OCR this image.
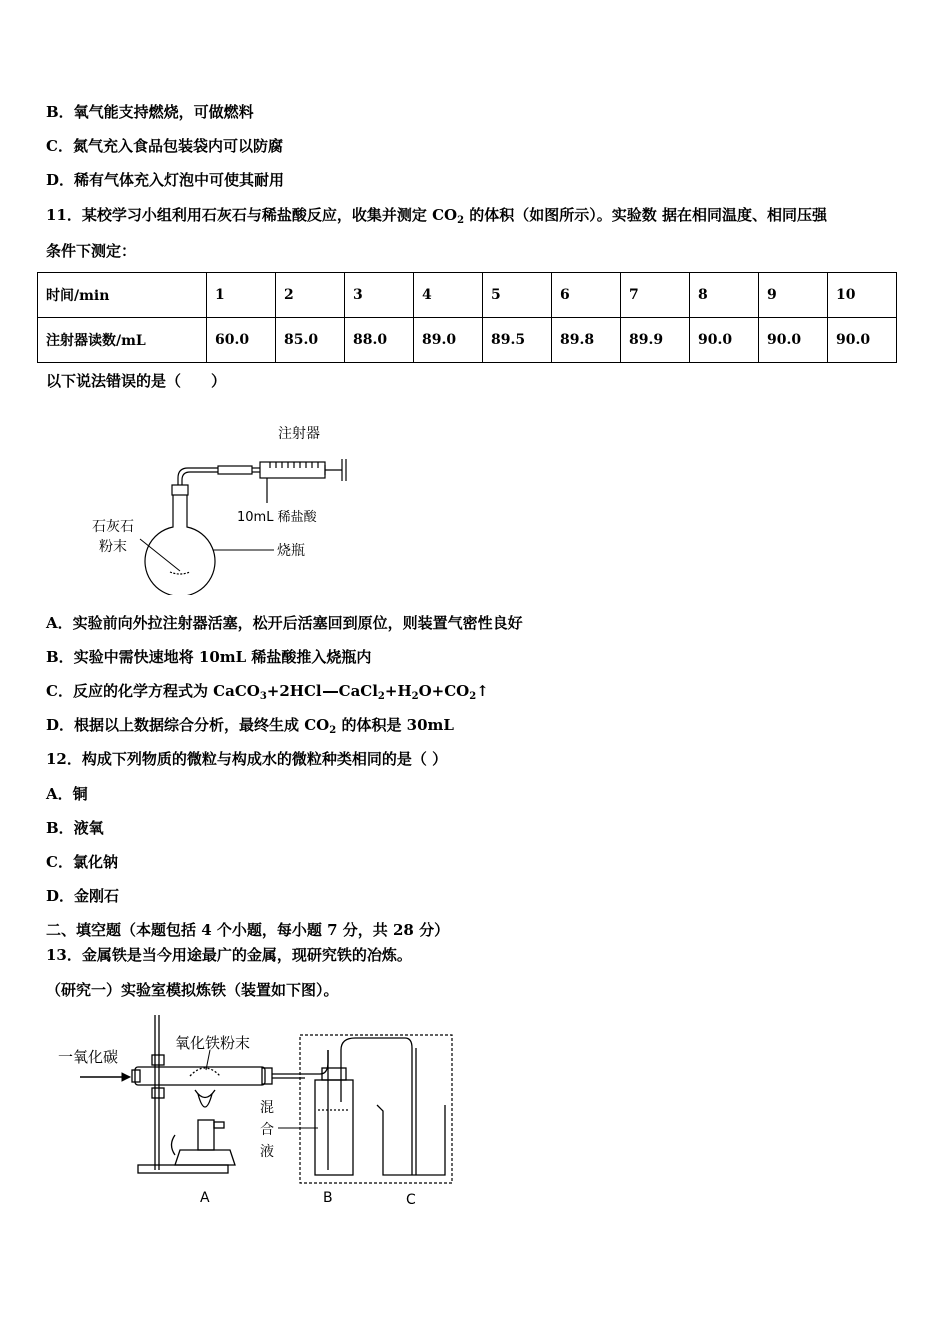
B．氧气能支持燃烧，可做燃料
C．氮气充入食品包装袋内可以防腐
D．稀有气体充入灯泡中可使其耐用
11．某校学习小组利用石灰石与稀盐酸反应，收集并测定 $CO_2$ 的体积（如图所示）。实验数 据在相同温度、相同压强
条件下测定：
时间/min	1	2	3	4	5	6	7	8	9	10
注射器读数/mL	60.0	85.0	88.0	89.0	89.5	89.8	89.9	90.0	90.0	90.0
以下说法错误的是（　　）
注射器
10mL 稀盐酸
石灰石
粉末	烧瓶
A．实验前向外拉注射器活塞，松开后活塞回到原位，则装置气密性良好
B．实验中需快速地将 10mL 稀盐酸推入烧瓶内
C．反应的化学方程式为 CaCO$_3$+2HCl $CaCl_2+H_2O+CO_2↑$
D．根据以上数据综合分析，最终生成 $CO_2$ 的体积是 30mL
12．构成下列物质的微粒与构成水的微粒种类相同的是（ ）
A．铜
B．液氧
C．氯化钠
D．金刚石
二、填空题（本题包括 4 个小题，每小题 7 分，共 28 分）
13．金属铁是当今用途最广的金属，现研究铁的冶炼。
（研究一）实验室模拟炼铁（装置如下图）。
一氧化碳
氧化铁粉末
混
合
液
A	B	C
